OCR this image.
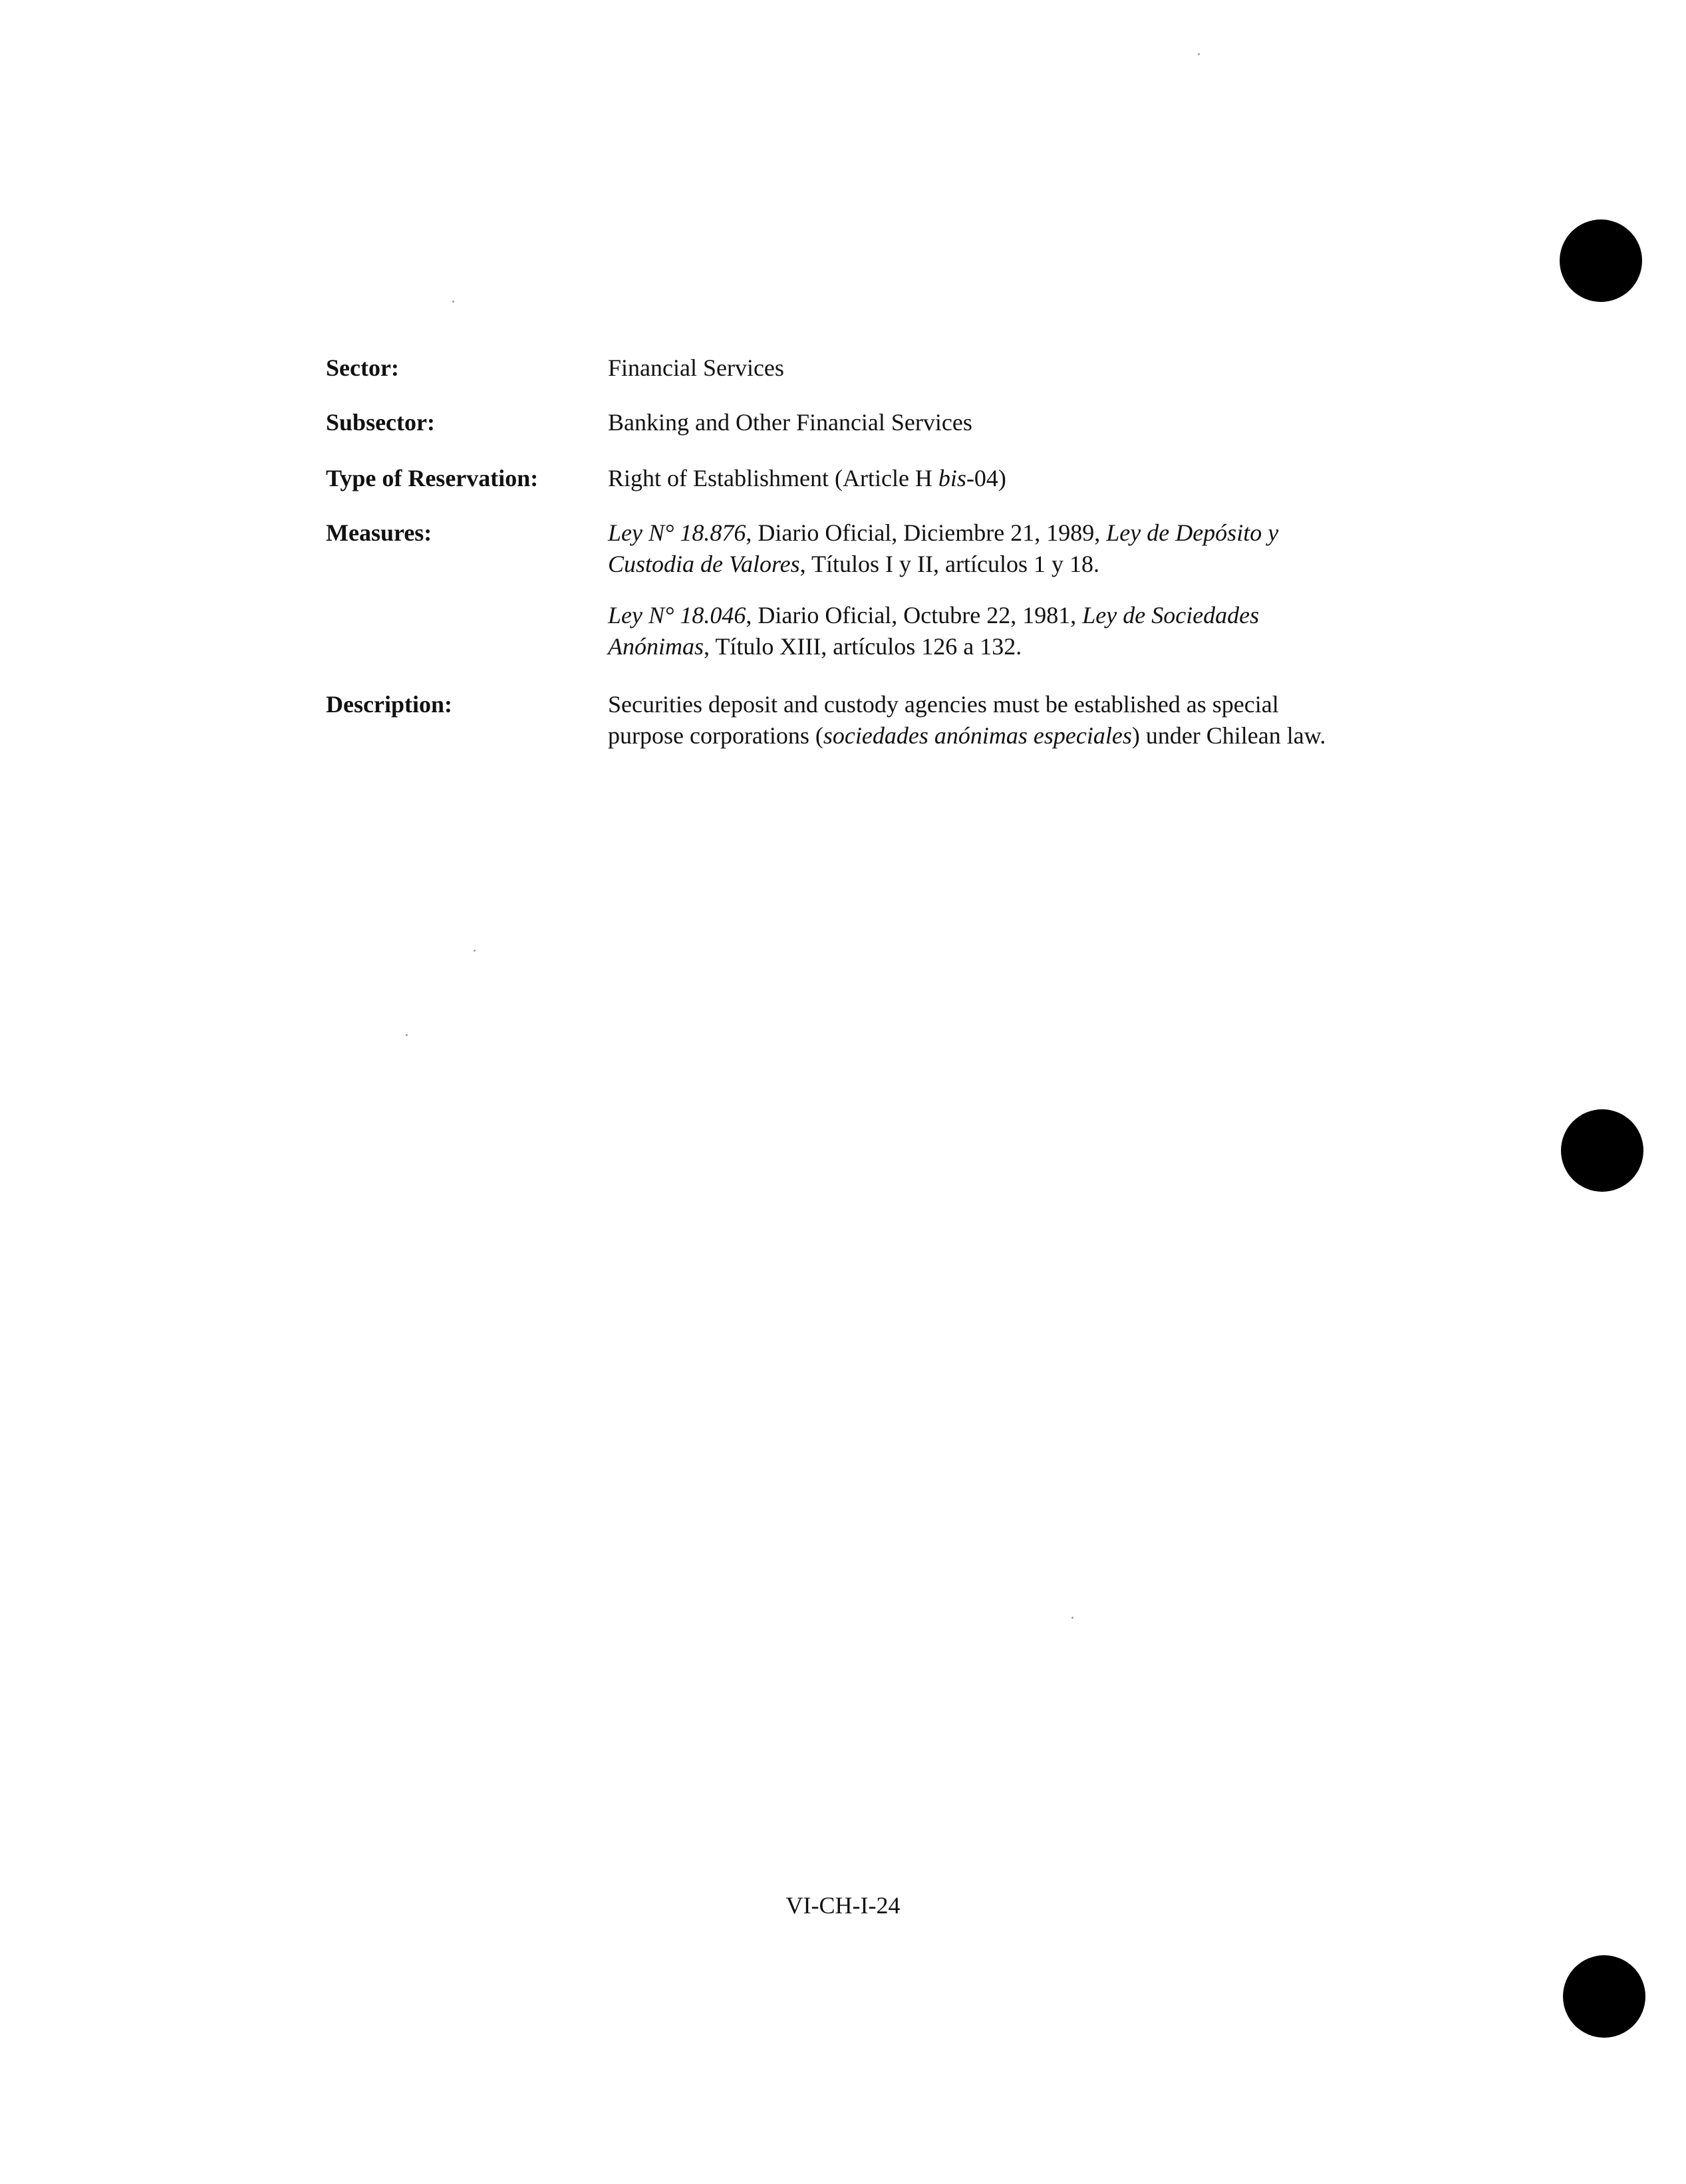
Sector:	Financial Services
Subsector:	Banking and Other Financial Services
Type of Reservation:	Right of Establishment (Article H bis-04)
Measures:	Ley N° 18.876, Diario Oficial, Diciembre 21, 1989, Ley de Depósito y Custodia de Valores, Títulos I y II, artículos 1 y 18.

Ley N° 18.046, Diario Oficial, Octubre 22, 1981, Ley de Sociedades Anónimas, Título XIII, artículos 126 a 132.

Description:	Securities deposit and custody agencies must be established as special purpose corporations (sociedades anónimas especiales) under Chilean law.
VI-CH-I-24
